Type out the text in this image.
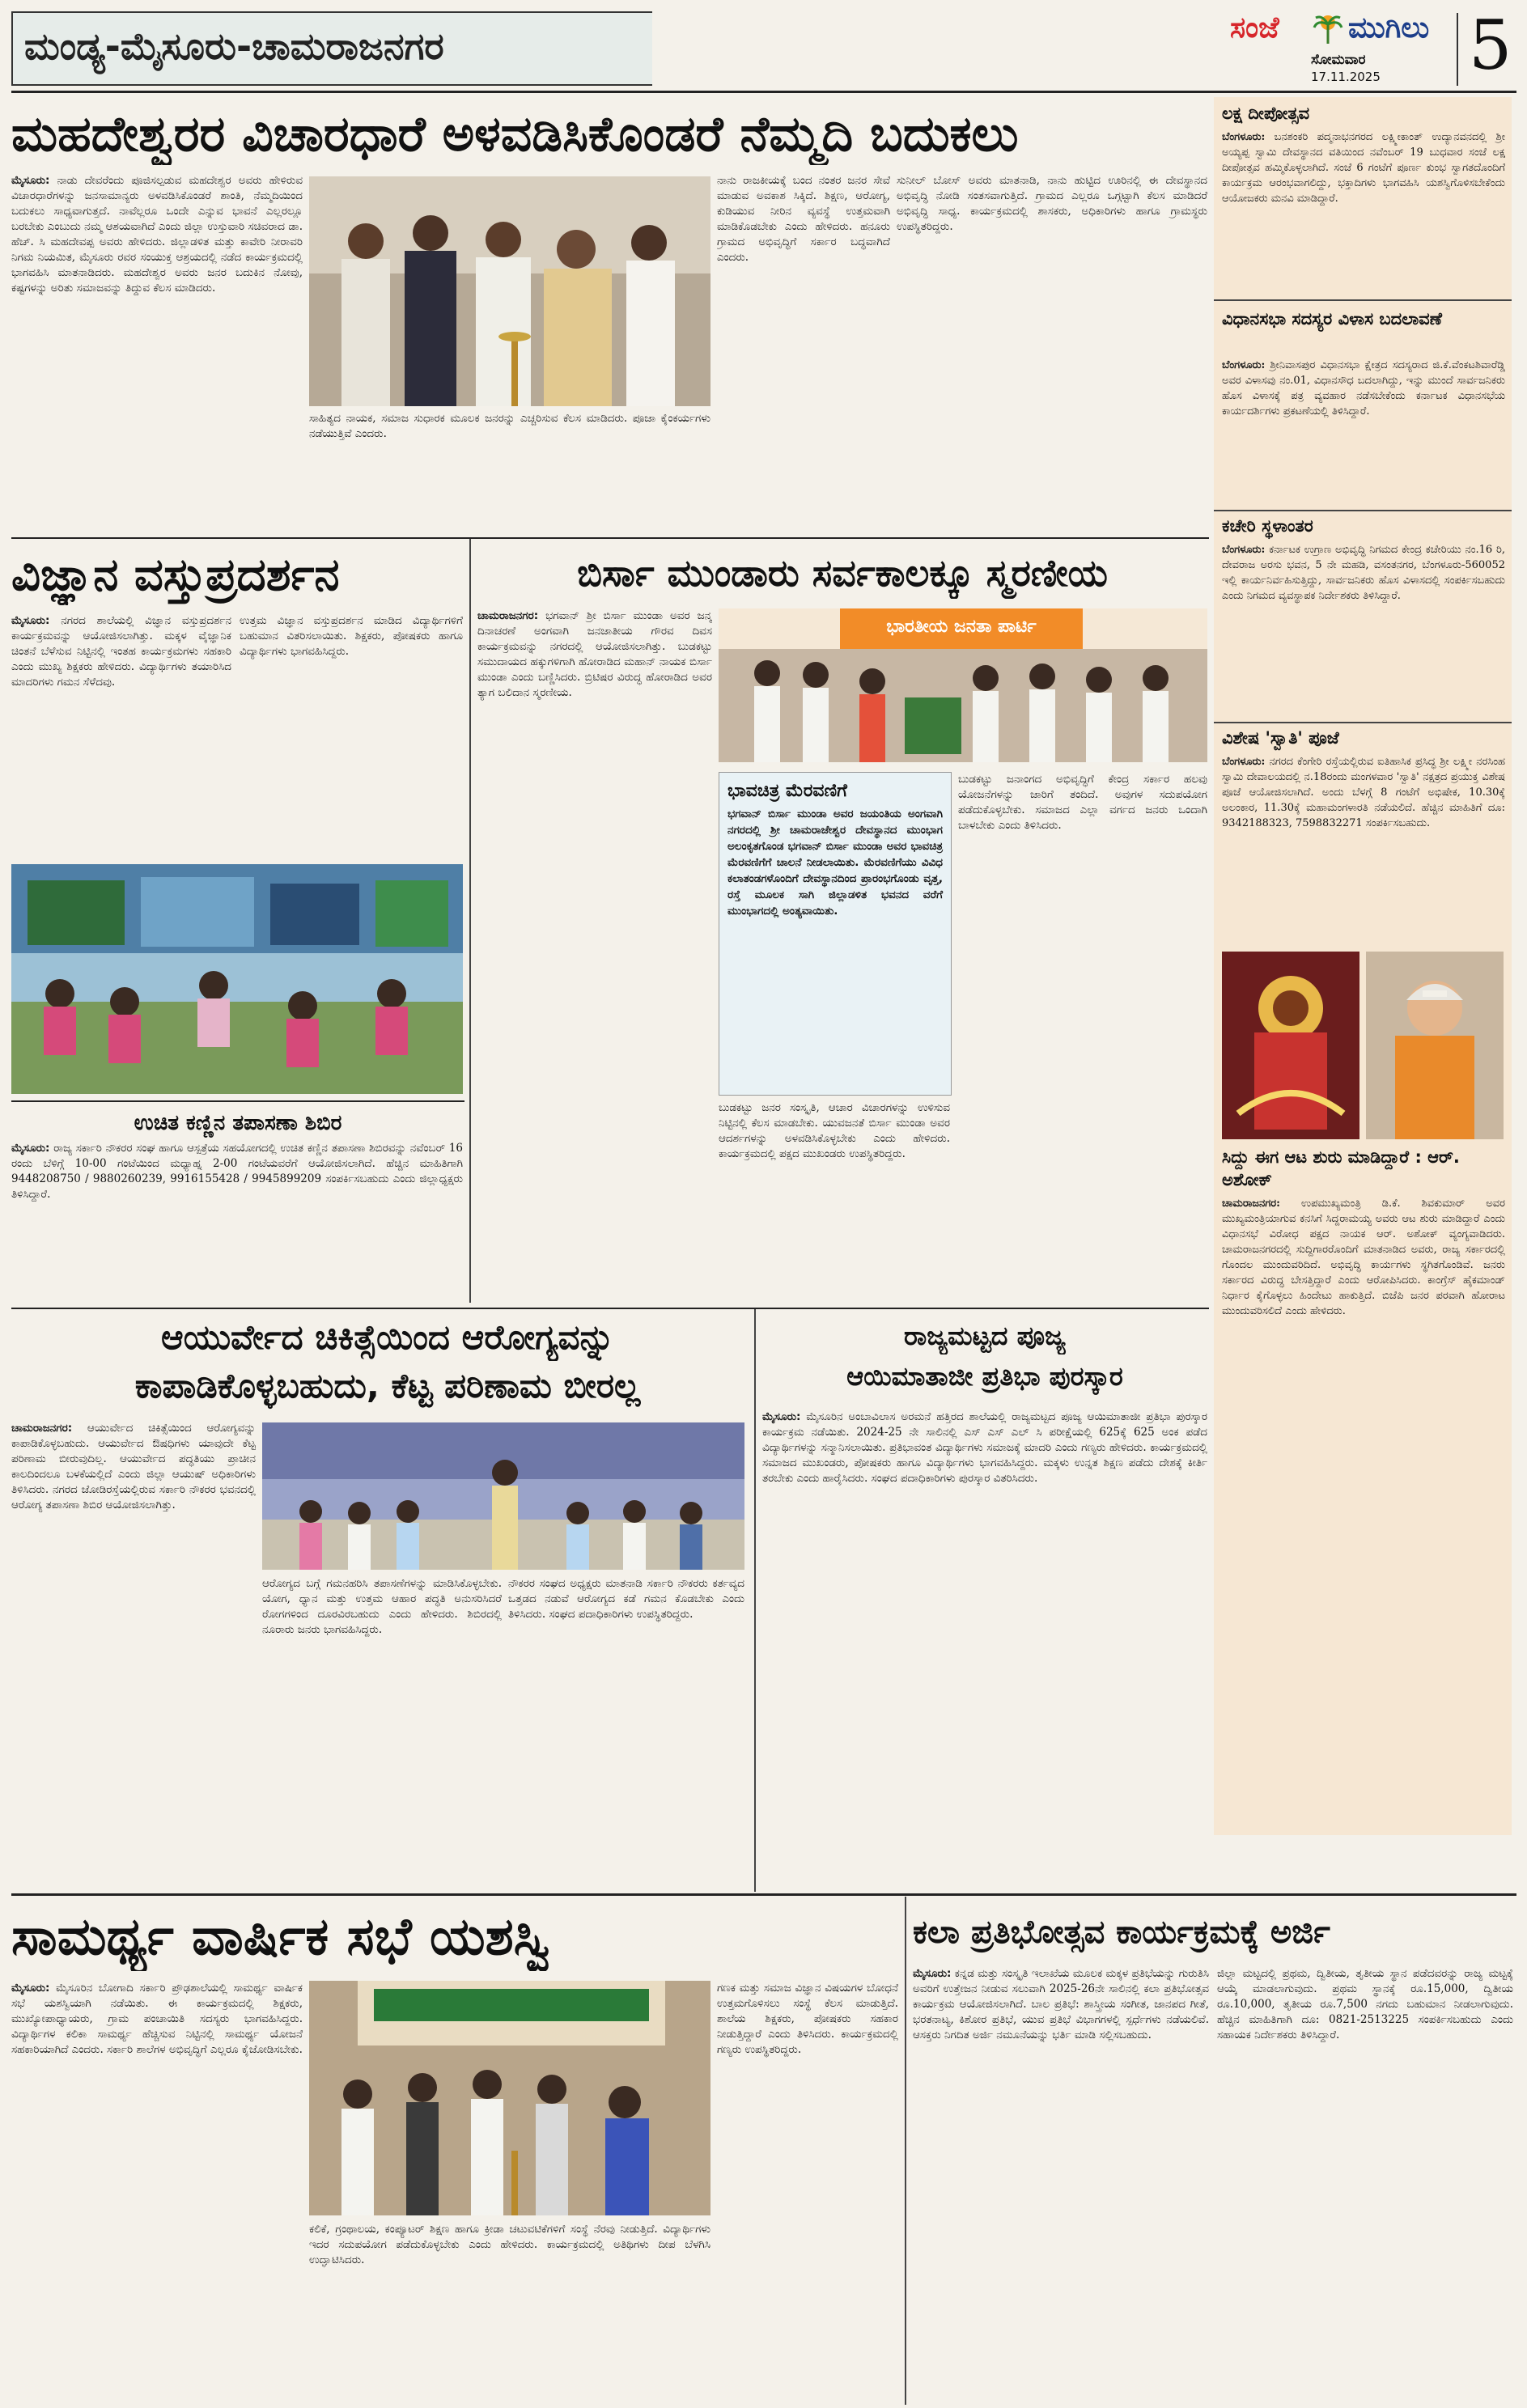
ಮಂಡ್ಯ-ಮೈಸೂರು-ಚಾಮರಾಜನಗರ	ಸಂಜೆ ಮುಗಿಲು
ಸೋಮವಾರ
17.11.2025 5
ಮಹದೇಶ್ವರರ ವಿಚಾರಧಾರೆ ಅಳವಡಿಸಿಕೊಂಡರೆ ನೆಮ್ಮದಿ ಬದುಕಲು
ಮೈಸೂರು: ನಾಡು ದೇವರೆಂದು ಪೂಜಿಸಲ್ಪಡುವ ಮಹದೇಶ್ವರ ಅವರು ಹೇಳಿರುವ ವಿಚಾರಧಾರೆಗಳನ್ನು ಜನಸಾಮಾನ್ಯರು ಅಳವಡಿಸಿಕೊಂಡರೆ ಶಾಂತಿ, ನೆಮ್ಮದಿಯಿಂದ ಬದುಕಲು ಸಾಧ್ಯವಾಗುತ್ತದೆ. ನಾವೆಲ್ಲರೂ ಒಂದೇ ಎನ್ನುವ ಭಾವನೆ ಎಲ್ಲರಲ್ಲೂ ಬರಬೇಕು ಎಂಬುದು ನಮ್ಮ ಆಶಯವಾಗಿದೆ ಎಂದು ಜಿಲ್ಲಾ ಉಸ್ತುವಾರಿ ಸಚಿವರಾದ ಡಾ. ಹೆಚ್. ಸಿ ಮಹದೇವಪ್ಪ ಅವರು ಹೇಳಿದರು. ಜಿಲ್ಲಾಡಳಿತ ಮತ್ತು ಕಾವೇರಿ ನೀರಾವರಿ ನಿಗಮ ನಿಯಮಿತ, ಮೈಸೂರು ರವರ ಸಂಯುಕ್ತ ಆಶ್ರಯದಲ್ಲಿ ನಡೆದ ಕಾರ್ಯಕ್ರಮದಲ್ಲಿ ಭಾಗವಹಿಸಿ ಮಾತನಾಡಿದರು. ಮಹದೇಶ್ವರ ಅವರು ಜನರ ಬದುಕಿನ ನೋವು, ಕಷ್ಟಗಳನ್ನು ಅರಿತು ಸಮಾಜವನ್ನು ತಿದ್ದುವ ಕೆಲಸ ಮಾಡಿದರು.
ಸಾಹಿತ್ಯದ ನಾಯಕ, ಸಮಾಜ ಸುಧಾರಕ ಮೂಲಕ ಜನರನ್ನು ಎಚ್ಚರಿಸುವ ಕೆಲಸ ಮಾಡಿದರು. ಪೂಜಾ ಕೈಂಕರ್ಯಗಳು ನಡೆಯುತ್ತಿವೆ ಎಂದರು.
ನಾನು ರಾಜಕೀಯಕ್ಕೆ ಬಂದ ನಂತರ ಜನರ ಸೇವೆ ಮಾಡುವ ಅವಕಾಶ ಸಿಕ್ಕಿದೆ. ಶಿಕ್ಷಣ, ಆರೋಗ್ಯ, ಕುಡಿಯುವ ನೀರಿನ ವ್ಯವಸ್ಥೆ ಉತ್ತಮವಾಗಿ ಮಾಡಿಕೊಡಬೇಕು ಎಂದು ಹೇಳಿದರು. ಹನೂರು ಗ್ರಾಮದ ಅಭಿವೃದ್ಧಿಗೆ ಸರ್ಕಾರ ಬದ್ಧವಾಗಿದೆ ಎಂದರು.
ಸುನೀಲ್ ಬೋಸ್ ಅವರು ಮಾತನಾಡಿ, ನಾನು ಹುಟ್ಟಿದ ಊರಿನಲ್ಲಿ ಈ ದೇವಸ್ಥಾನದ ಅಭಿವೃದ್ಧಿ ನೋಡಿ ಸಂತಸವಾಗುತ್ತಿದೆ. ಗ್ರಾಮದ ಎಲ್ಲರೂ ಒಗ್ಗಟ್ಟಾಗಿ ಕೆಲಸ ಮಾಡಿದರೆ ಅಭಿವೃದ್ಧಿ ಸಾಧ್ಯ. ಕಾರ್ಯಕ್ರಮದಲ್ಲಿ ಶಾಸಕರು, ಅಧಿಕಾರಿಗಳು ಹಾಗೂ ಗ್ರಾಮಸ್ಥರು ಉಪಸ್ಥಿತರಿದ್ದರು.
ವಿಜ್ಞಾನ ವಸ್ತುಪ್ರದರ್ಶನ
ಮೈಸೂರು: ನಗರದ ಶಾಲೆಯಲ್ಲಿ ವಿಜ್ಞಾನ ವಸ್ತುಪ್ರದರ್ಶನ ಕಾರ್ಯಕ್ರಮವನ್ನು ಆಯೋಜಿಸಲಾಗಿತ್ತು. ಮಕ್ಕಳ ವೈಜ್ಞಾನಿಕ ಚಿಂತನೆ ಬೆಳೆಸುವ ನಿಟ್ಟಿನಲ್ಲಿ ಇಂತಹ ಕಾರ್ಯಕ್ರಮಗಳು ಸಹಕಾರಿ ಎಂದು ಮುಖ್ಯ ಶಿಕ್ಷಕರು ಹೇಳಿದರು. ವಿದ್ಯಾರ್ಥಿಗಳು ತಯಾರಿಸಿದ ಮಾದರಿಗಳು ಗಮನ ಸೆಳೆದವು.
ಉತ್ತಮ ವಿಜ್ಞಾನ ವಸ್ತುಪ್ರದರ್ಶನ ಮಾಡಿದ ವಿದ್ಯಾರ್ಥಿಗಳಿಗೆ ಬಹುಮಾನ ವಿತರಿಸಲಾಯಿತು. ಶಿಕ್ಷಕರು, ಪೋಷಕರು ಹಾಗೂ ವಿದ್ಯಾರ್ಥಿಗಳು ಭಾಗವಹಿಸಿದ್ದರು.
ಉಚಿತ ಕಣ್ಣಿನ ತಪಾಸಣಾ ಶಿಬಿರ
ಮೈಸೂರು: ರಾಜ್ಯ ಸರ್ಕಾರಿ ನೌಕರರ ಸಂಘ ಹಾಗೂ ಆಸ್ಪತ್ರೆಯ ಸಹಯೋಗದಲ್ಲಿ ಉಚಿತ ಕಣ್ಣಿನ ತಪಾಸಣಾ ಶಿಬಿರವನ್ನು ನವೆಂಬರ್ 16 ರಂದು ಬೆಳಿಗ್ಗೆ 10-00 ಗಂಟೆಯಿಂದ ಮಧ್ಯಾಹ್ನ 2-00 ಗಂಟೆಯವರೆಗೆ ಆಯೋಜಿಸಲಾಗಿದೆ. ಹೆಚ್ಚಿನ ಮಾಹಿತಿಗಾಗಿ 9448208750 / 9880260239, 9916155428 / 9945899209 ಸಂಪರ್ಕಿಸಬಹುದು ಎಂದು ಜಿಲ್ಲಾಧ್ಯಕ್ಷರು ತಿಳಿಸಿದ್ದಾರೆ.
ಬಿರ್ಸಾ ಮುಂಡಾರು ಸರ್ವಕಾಲಕ್ಕೂ ಸ್ಮರಣೀಯ
ಚಾಮರಾಜನಗರ: ಭಗವಾನ್ ಶ್ರೀ ಬಿರ್ಸಾ ಮುಂಡಾ ಅವರ ಜನ್ಮ ದಿನಾಚರಣೆ ಅಂಗವಾಗಿ ಜನಜಾತೀಯ ಗೌರವ ದಿವಸ ಕಾರ್ಯಕ್ರಮವನ್ನು ನಗರದಲ್ಲಿ ಆಯೋಜಿಸಲಾಗಿತ್ತು. ಬುಡಕಟ್ಟು ಸಮುದಾಯದ ಹಕ್ಕುಗಳಿಗಾಗಿ ಹೋರಾಡಿದ ಮಹಾನ್ ನಾಯಕ ಬಿರ್ಸಾ ಮುಂಡಾ ಎಂದು ಬಣ್ಣಿಸಿದರು. ಬ್ರಿಟಿಷರ ವಿರುದ್ಧ ಹೋರಾಡಿದ ಅವರ ತ್ಯಾಗ ಬಲಿದಾನ ಸ್ಮರಣೀಯ.
ಭಾರತೀಯ ಜನತಾ ಪಾರ್ಟಿ
ಭಾವಚಿತ್ರ ಮೆರವಣಿಗೆ
ಭಗವಾನ್ ಬಿರ್ಸಾ ಮುಂಡಾ ಅವರ ಜಯಂತಿಯ ಅಂಗವಾಗಿ ನಗರದಲ್ಲಿ ಶ್ರೀ ಚಾಮರಾಜೇಶ್ವರ ದೇವಸ್ಥಾನದ ಮುಂಭಾಗ ಅಲಂಕೃತಗೊಂಡ ಭಗವಾನ್ ಬಿರ್ಸಾ ಮುಂಡಾ ಅವರ ಭಾವಚಿತ್ರ ಮೆರವಣಿಗೆಗೆ ಚಾಲನೆ ನೀಡಲಾಯಿತು. ಮೆರವಣಿಗೆಯು ವಿವಿಧ ಕಲಾತಂಡಗಳೊಂದಿಗೆ ದೇವಸ್ಥಾನದಿಂದ ಪ್ರಾರಂಭಗೊಂಡು ವೃತ್ತ, ರಸ್ತೆ ಮೂಲಕ ಸಾಗಿ ಜಿಲ್ಲಾಡಳಿತ ಭವನದ ವರೆಗೆ ಮುಂಭಾಗದಲ್ಲಿ ಅಂತ್ಯವಾಯಿತು.
ಬುಡಕಟ್ಟು ಜನರ ಸಂಸ್ಕೃತಿ, ಆಚಾರ ವಿಚಾರಗಳನ್ನು ಉಳಿಸುವ ನಿಟ್ಟಿನಲ್ಲಿ ಕೆಲಸ ಮಾಡಬೇಕು. ಯುವಜನತೆ ಬಿರ್ಸಾ ಮುಂಡಾ ಅವರ ಆದರ್ಶಗಳನ್ನು ಅಳವಡಿಸಿಕೊಳ್ಳಬೇಕು ಎಂದು ಹೇಳಿದರು. ಕಾರ್ಯಕ್ರಮದಲ್ಲಿ ಪಕ್ಷದ ಮುಖಂಡರು ಉಪಸ್ಥಿತರಿದ್ದರು.
ಬುಡಕಟ್ಟು ಜನಾಂಗದ ಅಭಿವೃದ್ಧಿಗೆ ಕೇಂದ್ರ ಸರ್ಕಾರ ಹಲವು ಯೋಜನೆಗಳನ್ನು ಜಾರಿಗೆ ತಂದಿದೆ. ಅವುಗಳ ಸದುಪಯೋಗ ಪಡೆದುಕೊಳ್ಳಬೇಕು. ಸಮಾಜದ ಎಲ್ಲಾ ವರ್ಗದ ಜನರು ಒಂದಾಗಿ ಬಾಳಬೇಕು ಎಂದು ತಿಳಿಸಿದರು.
ಆಯುರ್ವೇದ ಚಿಕಿತ್ಸೆಯಿಂದ ಆರೋಗ್ಯವನ್ನು
ಕಾಪಾಡಿಕೊಳ್ಳಬಹುದು, ಕೆಟ್ಟ ಪರಿಣಾಮ ಬೀರಲ್ಲ
ಚಾಮರಾಜನಗರ: ಆಯುರ್ವೇದ ಚಿಕಿತ್ಸೆಯಿಂದ ಆರೋಗ್ಯವನ್ನು ಕಾಪಾಡಿಕೊಳ್ಳಬಹುದು. ಆಯುರ್ವೇದ ಔಷಧಿಗಳು ಯಾವುದೇ ಕೆಟ್ಟ ಪರಿಣಾಮ ಬೀರುವುದಿಲ್ಲ. ಆಯುರ್ವೇದ ಪದ್ಧತಿಯು ಪ್ರಾಚೀನ ಕಾಲದಿಂದಲೂ ಬಳಕೆಯಲ್ಲಿದೆ ಎಂದು ಜಿಲ್ಲಾ ಆಯುಷ್ ಅಧಿಕಾರಿಗಳು ತಿಳಿಸಿದರು. ನಗರದ ಜೋಡಿರಸ್ತೆಯಲ್ಲಿರುವ ಸರ್ಕಾರಿ ನೌಕರರ ಭವನದಲ್ಲಿ ಆರೋಗ್ಯ ತಪಾಸಣಾ ಶಿಬಿರ ಆಯೋಜಿಸಲಾಗಿತ್ತು.
ಆರೋಗ್ಯದ ಬಗ್ಗೆ ಗಮನಹರಿಸಿ ತಪಾಸಣೆಗಳನ್ನು ಮಾಡಿಸಿಕೊಳ್ಳಬೇಕು. ಯೋಗ, ಧ್ಯಾನ ಮತ್ತು ಉತ್ತಮ ಆಹಾರ ಪದ್ಧತಿ ಅನುಸರಿಸಿದರೆ ರೋಗಗಳಿಂದ ದೂರವಿರಬಹುದು ಎಂದು ಹೇಳಿದರು. ಶಿಬಿರದಲ್ಲಿ ನೂರಾರು ಜನರು ಭಾಗವಹಿಸಿದ್ದರು.
ನೌಕರರ ಸಂಘದ ಅಧ್ಯಕ್ಷರು ಮಾತನಾಡಿ ಸರ್ಕಾರಿ ನೌಕರರು ಕರ್ತವ್ಯದ ಒತ್ತಡದ ನಡುವೆ ಆರೋಗ್ಯದ ಕಡೆ ಗಮನ ಕೊಡಬೇಕು ಎಂದು ತಿಳಿಸಿದರು. ಸಂಘದ ಪದಾಧಿಕಾರಿಗಳು ಉಪಸ್ಥಿತರಿದ್ದರು.
ರಾಜ್ಯಮಟ್ಟದ ಪೂಜ್ಯ
ಆಯಿಮಾತಾಜೀ ಪ್ರತಿಭಾ ಪುರಸ್ಕಾರ
ಮೈಸೂರು: ಮೈಸೂರಿನ ಅಂಬಾವಿಲಾಸ ಅರಮನೆ ಹತ್ತಿರದ ಶಾಲೆಯಲ್ಲಿ ರಾಜ್ಯಮಟ್ಟದ ಪೂಜ್ಯ ಆಯಿಮಾತಾಜೀ ಪ್ರತಿಭಾ ಪುರಸ್ಕಾರ ಕಾರ್ಯಕ್ರಮ ನಡೆಯಿತು. 2024-25 ನೇ ಸಾಲಿನಲ್ಲಿ ಎಸ್ ಎಸ್ ಎಲ್ ಸಿ ಪರೀಕ್ಷೆಯಲ್ಲಿ 625ಕ್ಕೆ 625 ಅಂಕ ಪಡೆದ ವಿದ್ಯಾರ್ಥಿಗಳನ್ನು ಸನ್ಮಾನಿಸಲಾಯಿತು. ಪ್ರತಿಭಾವಂತ ವಿದ್ಯಾರ್ಥಿಗಳು ಸಮಾಜಕ್ಕೆ ಮಾದರಿ ಎಂದು ಗಣ್ಯರು ಹೇಳಿದರು. ಕಾರ್ಯಕ್ರಮದಲ್ಲಿ ಸಮಾಜದ ಮುಖಂಡರು, ಪೋಷಕರು ಹಾಗೂ ವಿದ್ಯಾರ್ಥಿಗಳು ಭಾಗವಹಿಸಿದ್ದರು. ಮಕ್ಕಳು ಉನ್ನತ ಶಿಕ್ಷಣ ಪಡೆದು ದೇಶಕ್ಕೆ ಕೀರ್ತಿ ತರಬೇಕು ಎಂದು ಹಾರೈಸಿದರು. ಸಂಘದ ಪದಾಧಿಕಾರಿಗಳು ಪುರಸ್ಕಾರ ವಿತರಿಸಿದರು.
ಸಾಮರ್ಥ್ಯ ವಾರ್ಷಿಕ ಸಭೆ ಯಶಸ್ವಿ
ಮೈಸೂರು: ಮೈಸೂರಿನ ಬೋಗಾದಿ ಸರ್ಕಾರಿ ಪ್ರೌಢಶಾಲೆಯಲ್ಲಿ ಸಾಮರ್ಥ್ಯ ವಾರ್ಷಿಕ ಸಭೆ ಯಶಸ್ವಿಯಾಗಿ ನಡೆಯಿತು. ಈ ಕಾರ್ಯಕ್ರಮದಲ್ಲಿ ಶಿಕ್ಷಕರು, ಮುಖ್ಯೋಪಾಧ್ಯಾಯರು, ಗ್ರಾಮ ಪಂಚಾಯಿತಿ ಸದಸ್ಯರು ಭಾಗವಹಿಸಿದ್ದರು. ವಿದ್ಯಾರ್ಥಿಗಳ ಕಲಿಕಾ ಸಾಮರ್ಥ್ಯ ಹೆಚ್ಚಿಸುವ ನಿಟ್ಟಿನಲ್ಲಿ ಸಾಮರ್ಥ್ಯ ಯೋಜನೆ ಸಹಕಾರಿಯಾಗಿದೆ ಎಂದರು. ಸರ್ಕಾರಿ ಶಾಲೆಗಳ ಅಭಿವೃದ್ಧಿಗೆ ಎಲ್ಲರೂ ಕೈಜೋಡಿಸಬೇಕು.
ಕಲಿಕೆ, ಗ್ರಂಥಾಲಯ, ಕಂಪ್ಯೂಟರ್ ಶಿಕ್ಷಣ ಹಾಗೂ ಕ್ರೀಡಾ ಚಟುವಟಿಕೆಗಳಿಗೆ ಸಂಸ್ಥೆ ನೆರವು ನೀಡುತ್ತಿದೆ. ವಿದ್ಯಾರ್ಥಿಗಳು ಇದರ ಸದುಪಯೋಗ ಪಡೆದುಕೊಳ್ಳಬೇಕು ಎಂದು ಹೇಳಿದರು. ಕಾರ್ಯಕ್ರಮದಲ್ಲಿ ಅತಿಥಿಗಳು ದೀಪ ಬೆಳಗಿಸಿ ಉದ್ಘಾಟಿಸಿದರು.
ಗಣಕ ಮತ್ತು ಸಮಾಜ ವಿಜ್ಞಾನ ವಿಷಯಗಳ ಬೋಧನೆ ಉತ್ತಮಗೊಳಿಸಲು ಸಂಸ್ಥೆ ಕೆಲಸ ಮಾಡುತ್ತಿದೆ. ಶಾಲೆಯ ಶಿಕ್ಷಕರು, ಪೋಷಕರು ಸಹಕಾರ ನೀಡುತ್ತಿದ್ದಾರೆ ಎಂದು ತಿಳಿಸಿದರು. ಕಾರ್ಯಕ್ರಮದಲ್ಲಿ ಗಣ್ಯರು ಉಪಸ್ಥಿತರಿದ್ದರು.
ಕಲಾ ಪ್ರತಿಭೋತ್ಸವ ಕಾರ್ಯಕ್ರಮಕ್ಕೆ ಅರ್ಜಿ
ಮೈಸೂರು: ಕನ್ನಡ ಮತ್ತು ಸಂಸ್ಕೃತಿ ಇಲಾಖೆಯ ಮೂಲಕ ಮಕ್ಕಳ ಪ್ರತಿಭೆಯನ್ನು ಗುರುತಿಸಿ ಅವರಿಗೆ ಉತ್ತೇಜನ ನೀಡುವ ಸಲುವಾಗಿ 2025-26ನೇ ಸಾಲಿನಲ್ಲಿ ಕಲಾ ಪ್ರತಿಭೋತ್ಸವ ಕಾರ್ಯಕ್ರಮ ಆಯೋಜಿಸಲಾಗಿದೆ. ಬಾಲ ಪ್ರತಿಭೆ: ಶಾಸ್ತ್ರೀಯ ಸಂಗೀತ, ಜಾನಪದ ಗೀತೆ, ಭರತನಾಟ್ಯ, ಕಿಶೋರ ಪ್ರತಿಭೆ, ಯುವ ಪ್ರತಿಭೆ ವಿಭಾಗಗಳಲ್ಲಿ ಸ್ಪರ್ಧೆಗಳು ನಡೆಯಲಿವೆ. ಆಸಕ್ತರು ನಿಗದಿತ ಅರ್ಜಿ ನಮೂನೆಯನ್ನು ಭರ್ತಿ ಮಾಡಿ ಸಲ್ಲಿಸಬಹುದು.
ಜಿಲ್ಲಾ ಮಟ್ಟದಲ್ಲಿ ಪ್ರಥಮ, ದ್ವಿತೀಯ, ತೃತೀಯ ಸ್ಥಾನ ಪಡೆದವರನ್ನು ರಾಜ್ಯ ಮಟ್ಟಕ್ಕೆ ಆಯ್ಕೆ ಮಾಡಲಾಗುವುದು. ಪ್ರಥಮ ಸ್ಥಾನಕ್ಕೆ ರೂ.15,000, ದ್ವಿತೀಯ ರೂ.10,000, ತೃತೀಯ ರೂ.7,500 ನಗದು ಬಹುಮಾನ ನೀಡಲಾಗುವುದು. ಹೆಚ್ಚಿನ ಮಾಹಿತಿಗಾಗಿ ದೂ: 0821-2513225 ಸಂಪರ್ಕಿಸಬಹುದು ಎಂದು ಸಹಾಯಕ ನಿರ್ದೇಶಕರು ತಿಳಿಸಿದ್ದಾರೆ.
ಲಕ್ಷ ದೀಪೋತ್ಸವ
ಬೆಂಗಳೂರು: ಬನಶಂಕರಿ ಪದ್ಮನಾಭನಗರದ ಲಕ್ಷ್ಮೀಕಾಂತ್ ಉದ್ಯಾನವನದಲ್ಲಿ ಶ್ರೀ ಅಯ್ಯಪ್ಪ ಸ್ವಾಮಿ ದೇವಸ್ಥಾನದ ವತಿಯಿಂದ ನವೆಂಬರ್ 19 ಬುಧವಾರ ಸಂಜೆ ಲಕ್ಷ ದೀಪೋತ್ಸವ ಹಮ್ಮಿಕೊಳ್ಳಲಾಗಿದೆ. ಸಂಜೆ 6 ಗಂಟೆಗೆ ಪೂರ್ಣ ಕುಂಭ ಸ್ವಾಗತದೊಂದಿಗೆ ಕಾರ್ಯಕ್ರಮ ಆರಂಭವಾಗಲಿದ್ದು, ಭಕ್ತಾದಿಗಳು ಭಾಗವಹಿಸಿ ಯಶಸ್ವಿಗೊಳಿಸಬೇಕೆಂದು ಆಯೋಜಕರು ಮನವಿ ಮಾಡಿದ್ದಾರೆ.
ವಿಧಾನಸಭಾ ಸದಸ್ಯರ ವಿಳಾಸ ಬದಲಾವಣೆ
ಬೆಂಗಳೂರು: ಶ್ರೀನಿವಾಸಪುರ ವಿಧಾನಸಭಾ ಕ್ಷೇತ್ರದ ಸದಸ್ಯರಾದ ಜಿ.ಕೆ.ವೆಂಕಟಶಿವಾರೆಡ್ಡಿ ಅವರ ವಿಳಾಸವು ನಂ.01, ವಿಧಾನಸೌಧ ಬದಲಾಗಿದ್ದು, ಇನ್ನು ಮುಂದೆ ಸಾರ್ವಜನಿಕರು ಹೊಸ ವಿಳಾಸಕ್ಕೆ ಪತ್ರ ವ್ಯವಹಾರ ನಡೆಸಬೇಕೆಂದು ಕರ್ನಾಟಕ ವಿಧಾನಸಭೆಯ ಕಾರ್ಯದರ್ಶಿಗಳು ಪ್ರಕಟಣೆಯಲ್ಲಿ ತಿಳಿಸಿದ್ದಾರೆ.
ಕಚೇರಿ ಸ್ಥಳಾಂತರ
ಬೆಂಗಳೂರು: ಕರ್ನಾಟಕ ಉಗ್ರಾಣ ಅಭಿವೃದ್ಧಿ ನಿಗಮದ ಕೇಂದ್ರ ಕಚೇರಿಯು ನಂ.16 ರಿ, ದೇವರಾಜ ಅರಸು ಭವನ, 5 ನೇ ಮಹಡಿ, ವಸಂತನಗರ, ಬೆಂಗಳೂರು-560052 ಇಲ್ಲಿ ಕಾರ್ಯನಿರ್ವಹಿಸುತ್ತಿದ್ದು, ಸಾರ್ವಜನಿಕರು ಹೊಸ ವಿಳಾಸದಲ್ಲಿ ಸಂಪರ್ಕಿಸಬಹುದು ಎಂದು ನಿಗಮದ ವ್ಯವಸ್ಥಾಪಕ ನಿರ್ದೇಶಕರು ತಿಳಿಸಿದ್ದಾರೆ.
ವಿಶೇಷ 'ಸ್ವಾತಿ' ಪೂಜೆ
ಬೆಂಗಳೂರು: ನಗರದ ಕೆಂಗೇರಿ ರಸ್ತೆಯಲ್ಲಿರುವ ಐತಿಹಾಸಿಕ ಪ್ರಸಿದ್ಧ ಶ್ರೀ ಲಕ್ಷ್ಮೀ ನರಸಿಂಹ ಸ್ವಾಮಿ ದೇವಾಲಯದಲ್ಲಿ ನ.18ರಂದು ಮಂಗಳವಾರ 'ಸ್ವಾತಿ' ನಕ್ಷತ್ರದ ಪ್ರಯುಕ್ತ ವಿಶೇಷ ಪೂಜೆ ಆಯೋಜಿಸಲಾಗಿದೆ. ಅಂದು ಬೆಳಗ್ಗೆ 8 ಗಂಟೆಗೆ ಅಭಿಷೇಕ, 10.30ಕ್ಕೆ ಅಲಂಕಾರ, 11.30ಕ್ಕೆ ಮಹಾಮಂಗಳಾರತಿ ನಡೆಯಲಿದೆ. ಹೆಚ್ಚಿನ ಮಾಹಿತಿಗೆ ದೂ: 9342188323, 7598832271 ಸಂಪರ್ಕಿಸಬಹುದು.
ಸಿದ್ದು ಈಗ ಆಟ ಶುರು ಮಾಡಿದ್ದಾರೆ : ಆರ್. ಅಶೋಕ್
ಚಾಮರಾಜನಗರ: ಉಪಮುಖ್ಯಮಂತ್ರಿ ಡಿ.ಕೆ. ಶಿವಕುಮಾರ್ ಅವರ ಮುಖ್ಯಮಂತ್ರಿಯಾಗುವ ಕನಸಿಗೆ ಸಿದ್ದರಾಮಯ್ಯ ಅವರು ಆಟ ಶುರು ಮಾಡಿದ್ದಾರೆ ಎಂದು ವಿಧಾನಸಭೆ ವಿರೋಧ ಪಕ್ಷದ ನಾಯಕ ಆರ್. ಅಶೋಕ್ ವ್ಯಂಗ್ಯವಾಡಿದರು. ಚಾಮರಾಜನಗರದಲ್ಲಿ ಸುದ್ದಿಗಾರರೊಂದಿಗೆ ಮಾತನಾಡಿದ ಅವರು, ರಾಜ್ಯ ಸರ್ಕಾರದಲ್ಲಿ ಗೊಂದಲ ಮುಂದುವರಿದಿದೆ. ಅಭಿವೃದ್ಧಿ ಕಾರ್ಯಗಳು ಸ್ಥಗಿತಗೊಂಡಿವೆ. ಜನರು ಸರ್ಕಾರದ ವಿರುದ್ಧ ಬೇಸತ್ತಿದ್ದಾರೆ ಎಂದು ಆರೋಪಿಸಿದರು. ಕಾಂಗ್ರೆಸ್ ಹೈಕಮಾಂಡ್ ನಿರ್ಧಾರ ಕೈಗೊಳ್ಳಲು ಹಿಂದೇಟು ಹಾಕುತ್ತಿದೆ. ಬಿಜೆಪಿ ಜನರ ಪರವಾಗಿ ಹೋರಾಟ ಮುಂದುವರಿಸಲಿದೆ ಎಂದು ಹೇಳಿದರು.
